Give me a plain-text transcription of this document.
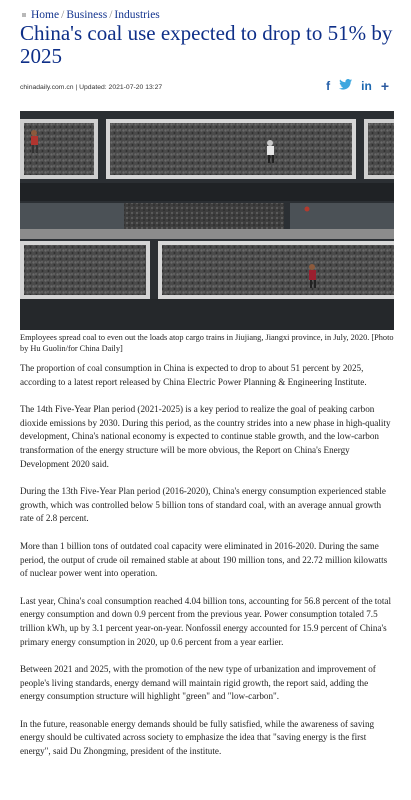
Home / Business / Industries
China's coal use expected to drop to 51% by 2025
chinadaily.com.cn | Updated: 2021-07-20 13:27	f	in +
Employees spread coal to even out the loads atop cargo trains in Jiujiang, Jiangxi province, in July, 2020. [Photo by Hu Guolin/for China Daily]

The proportion of coal consumption in China is expected to drop to about 51 percent by 2025, according to a latest report released by China Electric Power Planning & Engineering Institute.

The 14th Five-Year Plan period (2021-2025) is a key period to realize the goal of peaking carbon dioxide emissions by 2030. During this period, as the country strides into a new phase in high-quality development, China's national economy is expected to continue stable growth, and the low-carbon transformation of the energy structure will be more obvious, the Report on China's Energy Development 2020 said.

During the 13th Five-Year Plan period (2016-2020), China's energy consumption experienced stable growth, which was controlled below 5 billion tons of standard coal, with an average annual growth rate of 2.8 percent.

More than 1 billion tons of outdated coal capacity were eliminated in 2016-2020. During the same period, the output of crude oil remained stable at about 190 million tons, and 22.72 million kilowatts of nuclear power went into operation.

Last year, China's coal consumption reached 4.04 billion tons, accounting for 56.8 percent of the total energy consumption and down 0.9 percent from the previous year. Power consumption totaled 7.5 trillion kWh, up by 3.1 percent year-on-year. Nonfossil energy accounted for 15.9 percent of China's primary energy consumption in 2020, up 0.6 percent from a year earlier.

Between 2021 and 2025, with the promotion of the new type of urbanization and improvement of people's living standards, energy demand will maintain rigid growth, the report said, adding the energy consumption structure will highlight "green" and "low-carbon".

In the future, reasonable energy demands should be fully satisfied, while the awareness of saving energy should be cultivated across society to emphasize the idea that "saving energy is the first energy", said Du Zhongming, president of the institute.
